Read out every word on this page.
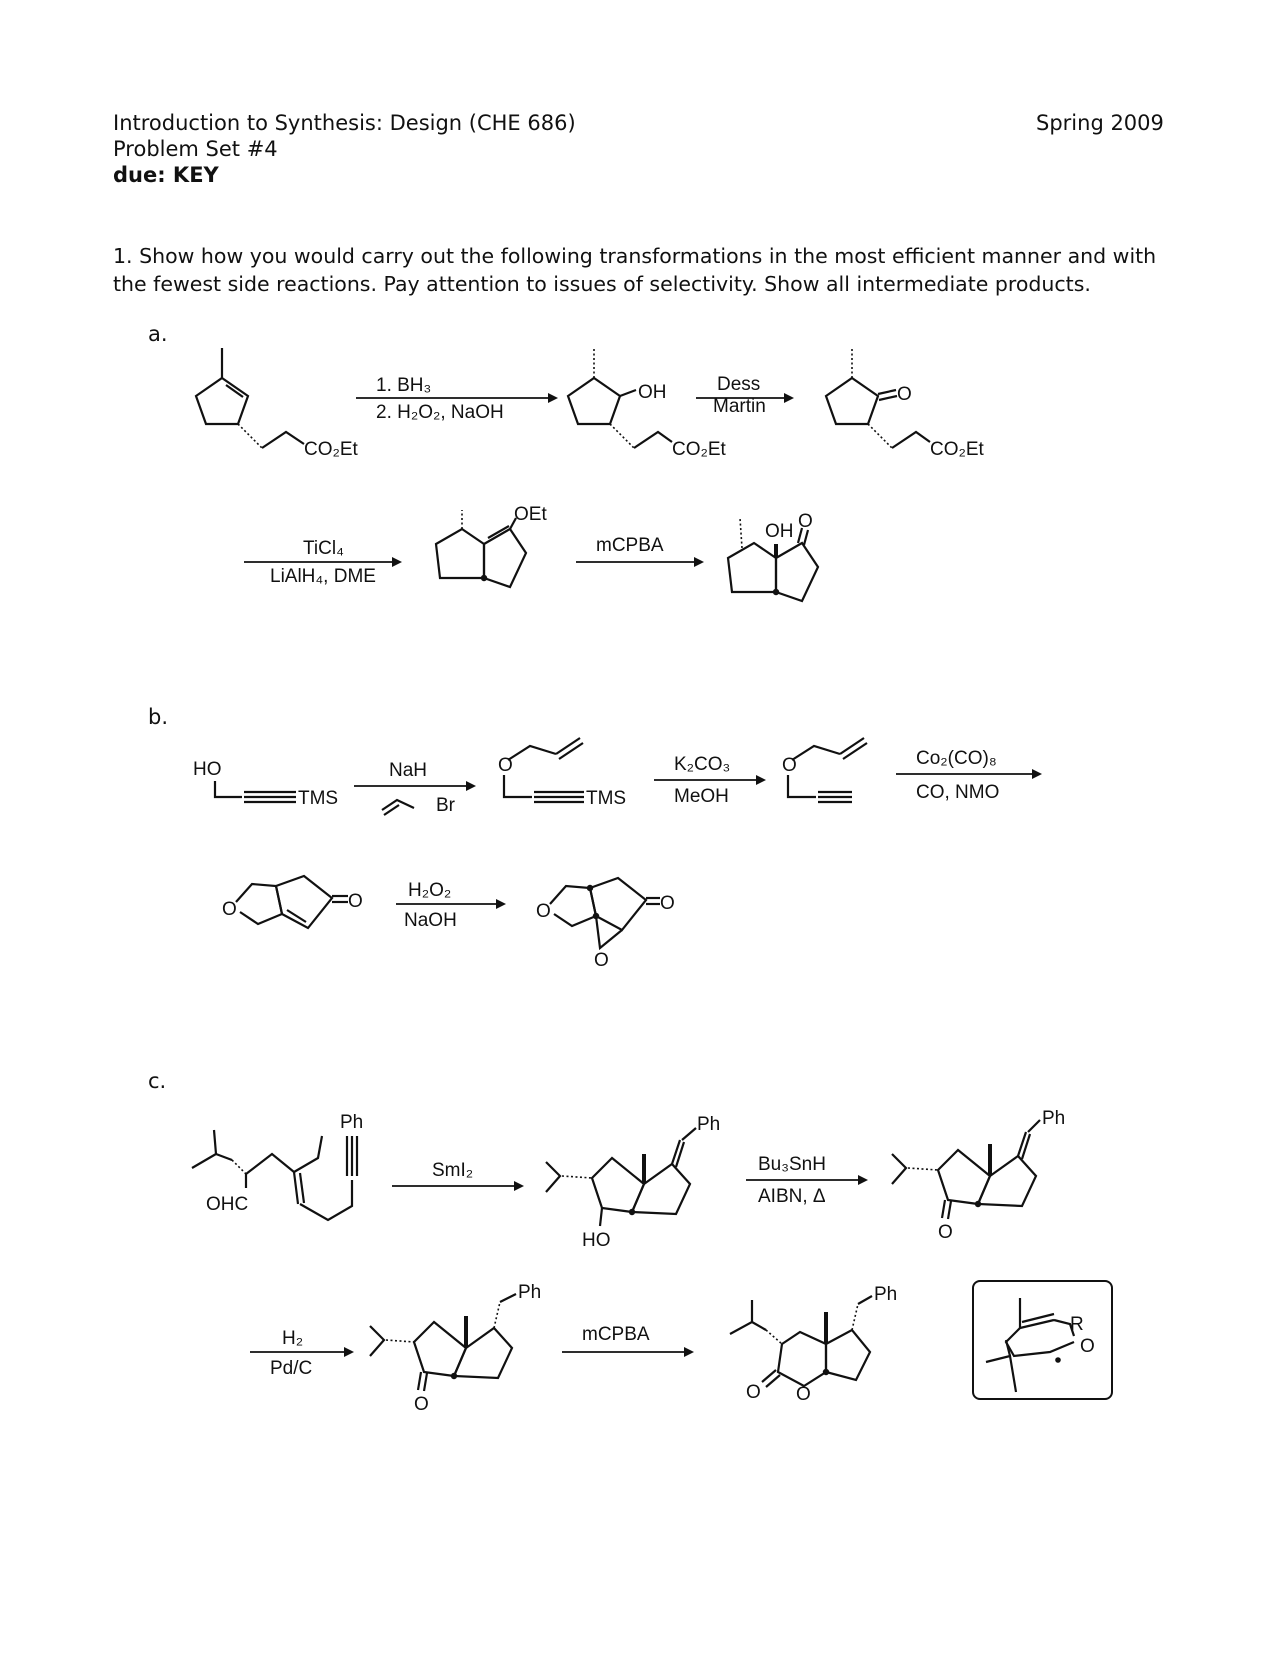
Introduction to Synthesis: Design (CHE 686)
Problem Set #4
due: KEY
Spring 2009
1. Show how you would carry out the following transformations in the most efficient manner and with the fewest side reactions. Pay attention to issues of selectivity. Show all intermediate products.
a.
b.
c.
CO₂Et
1. BH₃
2. H₂O₂, NaOH
OH
CO₂Et
Dess
Martin
O
CO₂Et
TiCl₄
LiAlH₄, DME
OEt
mCPBA
OH O
HO
TMS
NaH
Br
O
TMS
K₂CO₃
MeOH
O	Co₂(CO)₈
CO, NMO
O	O
H₂O₂
NaOH	O	O
O
OHC
Ph
SmI₂
Ph
HO
Bu₃SnH
AIBN, Δ
Ph
O
H₂
Pd/C
Ph
O
mCPBA
Ph
O O
R
O
